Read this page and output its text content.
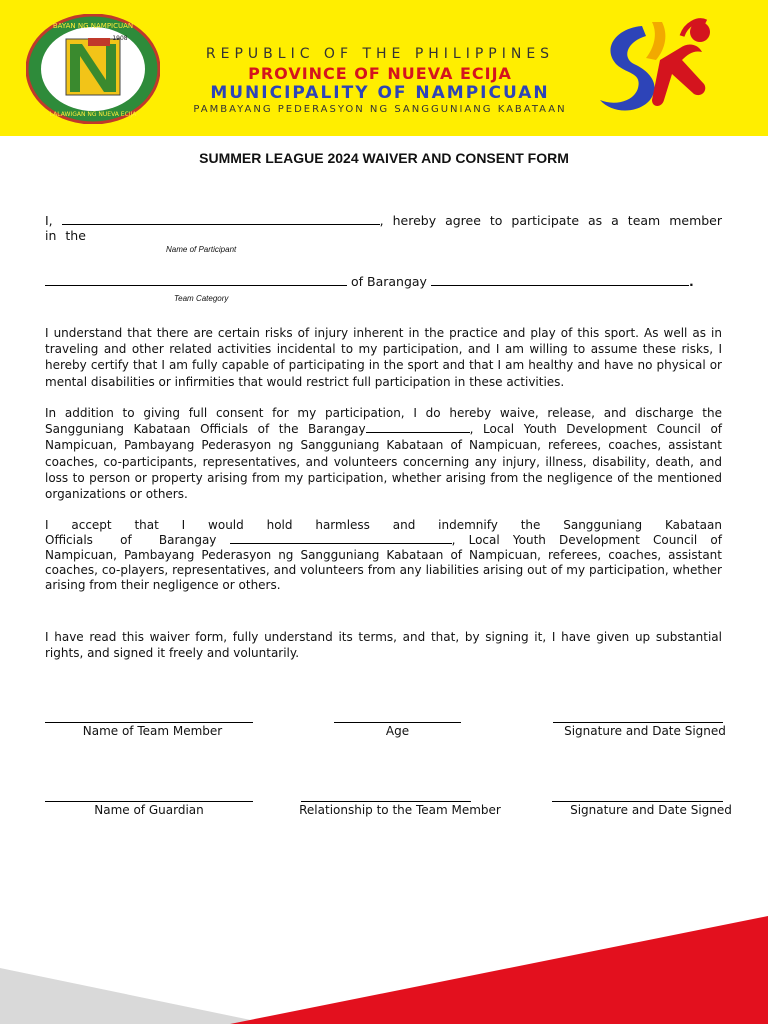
BAYAN NG NAMPICUAN
LALAWIGAN NG NUEVA ECIJA
1908
REPUBLIC OF THE PHILIPPINES
PROVINCE OF NUEVA ECIJA
MUNICIPALITY OF NAMPICUAN
PAMBAYANG PEDERASYON NG SANGGUNIANG KABATAAN
SUMMER LEAGUE 2024 WAIVER AND CONSENT FORM
I,	, hereby agree to participate as a team member in the
Name of Participant
of Barangay	.
Team Category
I understand that there are certain risks of injury inherent in the practice and play of this sport. As well as in traveling and other related activities incidental to my participation, and I am willing to assume these risks, I hereby certify that I am fully capable of participating in the sport and that I am healthy and have no physical or mental disabilities or infirmities that would restrict full participation in these activities.
In addition to giving full consent for my participation, I do hereby waive, release, and discharge the Sangguniang Kabataan Officials of the Barangay	, Local Youth Development Council of Nampicuan, Pambayang Pederasyon ng Sangguniang Kabataan of Nampicuan, referees, coaches, assistant coaches, co-participants, representatives, and volunteers concerning any injury, illness, disability, death, and loss to person or property arising from my participation, whether arising from the negligence of the mentioned organizations or others.
I accept that I would hold harmless and indemnify the Sangguniang Kabataan Officials of Barangay	, Local Youth Development Council of Nampicuan, Pambayang Pederasyon ng Sangguniang Kabataan of Nampicuan, referees, coaches, assistant coaches, co-players, representatives, and volunteers from any liabilities arising out of my participation, whether arising from their negligence or others.
I have read this waiver form, fully understand its terms, and that, by signing it, I have given up substantial rights, and signed it freely and voluntarily.
Name of Team Member	Age	Signature and Date Signed
Name of Guardian	Relationship to the Team Member	Signature and Date Signed
